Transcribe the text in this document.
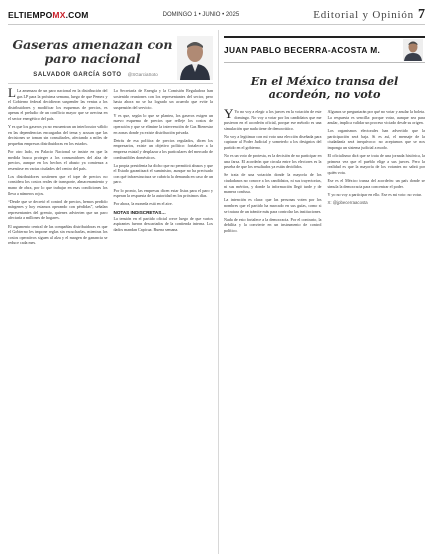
ELTIEMPOMX.COM	DOMINGO 1 • JUNIO • 2025	Editorial y Opinión 7
Gaseras amenazan con paro nacional
SALVADOR GARCÍA SOTO @SGarciaSoto

L La amenaza de un paro nacional en la distribución del gas LP para la próxima semana, luego de que Pemex y el Gobierno federal decidieron suspender las ventas a los distribuidores y modificar los esquemas de precios, es apenas el preludio de un conflicto mayor que se avecina en el sector energético del país.

Y es que los gaseros ya no encuentran un interlocutor válido en las dependencias encargadas del tema y acusan que las decisiones se toman sin consultarles, afectando a miles de pequeñas empresas distribuidoras en los estados.

Por otro lado, en Palacio Nacional se insiste en que la medida busca proteger a los consumidores del alza de precios, aunque en los hechos el abasto ya comienza a resentirse en varias ciudades del centro del país.

Los distribuidores sostienen que el tope de precios no considera los costos reales de transporte, almacenamiento y mano de obra, por lo que trabajar en esas condiciones los lleva a números rojos.

“Desde que se decretó el control de precios, hemos perdido márgenes y hoy estamos operando con pérdidas”, señalan representantes del gremio, quienes advierten que un paro afectaría a millones de hogares.

El argumento central de las compañías distribuidoras es que el Gobierno les impone reglas sin escucharlas, mientras los costos operativos siguen al alza y el margen de ganancia se reduce cada mes.

La Secretaría de Energía y la Comisión Reguladora han sostenido reuniones con los representantes del sector, pero hasta ahora no se ha logrado un acuerdo que evite la suspensión del servicio.

Y es que, según lo que se plantea, los gaseros exigen un nuevo esquema de precios que refleje los costos de operación y que se elimine la intervención de Gas Bienestar en zonas donde ya existe distribución privada.

Detrás de esa política de precios regulados, dicen los empresarios, existe un objetivo político: fortalecer a la empresa estatal y desplazar a los particulares del mercado de combustibles domésticos.

La propia presidenta ha dicho que no permitirá abusos y que el Estado garantizará el suministro, aunque no ha precisado con qué infraestructura se cubriría la demanda en caso de un paro.

Por lo pronto, las empresas dicen estar listas para el paro y esperan la respuesta de la autoridad en los próximos días.

Por ahora, la moneda está en el aire.

NOTAS INDISCRETAS…

La tensión en el partido oficial crece luego de que varios aspirantes fueron descartados de la contienda interna. Los dados mandan Capicua. Buena semana.

JUAN PABLO BECERRA-ACOSTA M.
En el México transa del acordeón, no voto

Y Yo no voy a elegir a los jueces en la votación de este domingo. No voy a votar por los candidatos que me pusieron en el acordeón oficial, porque ese método es una simulación que nada tiene de democrático.

No voy a legitimar con mi voto una elección diseñada para capturar al Poder Judicial y someterlo a los designios del partido en el gobierno.

No es un voto de protesta, es la decisión de no participar en una farsa. El acordeón que circula entre los electores es la prueba de que los resultados ya están decididos.

Se trata de una votación donde la mayoría de los ciudadanos no conoce a los candidatos, ni sus trayectorias, ni sus méritos, y donde la información llegó tarde y de manera confusa.

La intención es clara: que las personas voten por los nombres que el partido ha marcado en sus guías, como si se tratara de un trámite más para controlar las instituciones.

Nada de esto fortalece a la democracia. Por el contrario, la debilita y la convierte en un instrumento de control político.

Algunos se preguntarán por qué no votar y anular la boleta. La respuesta es sencilla: porque votar, aunque sea para anular, implica validar un proceso viciado desde su origen.

Los organismos electorales han advertido que la participación será baja. Si es así, el mensaje de la ciudadanía será inequívoco: no aceptamos que se nos imponga un sistema judicial a modo.

El oficialismo dirá que se trata de una jornada histórica, la primera vez que el pueblo elige a sus jueces. Pero la realidad es que la mayoría de los votantes no sabrá por quién vota.

Ese es el México transa del acordeón: un país donde se simula la democracia para concentrar el poder.

Y yo no voy a participar en ello. Ese es mi voto: no votar.

X: @jpbecerraacosta
